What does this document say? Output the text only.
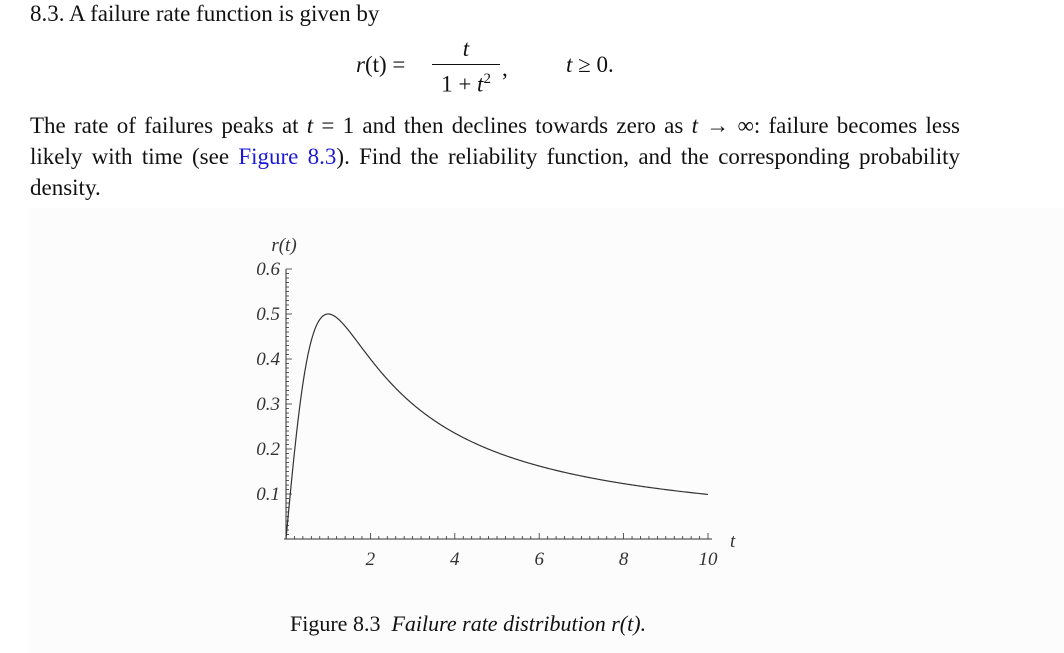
8.3. A failure rate function is given by
r(t) =
t
$1 + t^2$ ,	t ≥ 0.
The rate of failures peaks at t = 1 and then declines towards zero as t → ∞: failure becomes less likely with time (see Figure 8.3). Find the reliability function, and the corresponding probability density.
2	4	6	8	10
0.1
0.2
0.3
0.4
0.5
0.6
t
r(t)
Figure 8.3 Failure rate distribution r(t).
